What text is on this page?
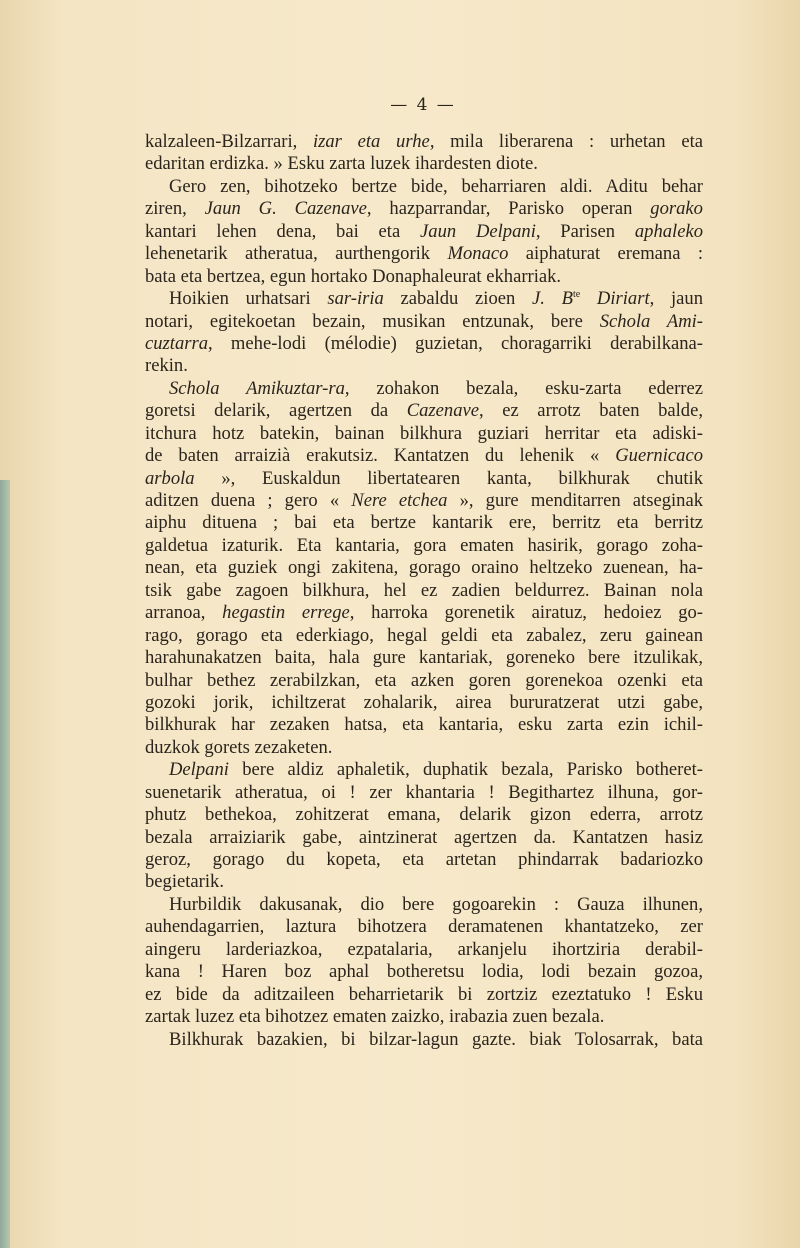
— 4 —
kalzaleen-Bilzarrari, izar eta urhe, mila liberarena : urhetan eta
edaritan erdizka. » Esku zarta luzek ihardesten diote.
Gero zen, bihotzeko bertze bide, beharriaren aldi. Aditu behar
ziren, Jaun G. Cazenave, hazparrandar, Parisko operan gorako
kantari lehen dena, bai eta Jaun Delpani, Parisen aphaleko
lehenetarik atheratua, aurthengorik Monaco aiphaturat eremana :
bata eta bertzea, egun hortako Donaphaleurat ekharriak.
Hoikien urhatsari sar-iria zabaldu zioen J. $B^{te}$ Diriart, jaun
notari, egitekoetan bezain, musikan entzunak, bere Schola Ami-
cuztarra, mehe-lodi (mélodie) guzietan, choragarriki derabilkana-
rekin.
Schola Amikuztar-ra, zohakon bezala, esku-zarta ederrez
goretsi delarik, agertzen da Cazenave, ez arrotz baten balde,
itchura hotz batekin, bainan bilkhura guziari herritar eta adiski-
de baten arraizià erakutsiz. Kantatzen du lehenik « Guernicaco
arbola », Euskaldun libertatearen kanta, bilkhurak chutik
aditzen duena ; gero « Nere etchea », gure menditarren atseginak
aiphu dituena ; bai eta bertze kantarik ere, berritz eta berritz
galdetua izaturik. Eta kantaria, gora ematen hasirik, gorago zoha-
nean, eta guziek ongi zakitena, gorago oraino heltzeko zuenean, ha-
tsik gabe zagoen bilkhura, hel ez zadien beldurrez. Bainan nola
arranoa, hegastin errege, harroka gorenetik airatuz, hedoiez go-
rago, gorago eta ederkiago, hegal geldi eta zabalez, zeru gainean
harahunakatzen baita, hala gure kantariak, goreneko bere itzulikak,
bulhar bethez zerabilzkan, eta azken goren gorenekoa ozenki eta
gozoki jorik, ichiltzerat zohalarik, airea bururatzerat utzi gabe,
bilkhurak har zezaken hatsa, eta kantaria, esku zarta ezin ichil-
duzkok gorets zezaketen.
Delpani bere aldiz aphaletik, duphatik bezala, Parisko botheret-
suenetarik atheratua, oi ! zer khantaria ! Begithartez ilhuna, gor-
phutz bethekoa, zohitzerat emana, delarik gizon ederra, arrotz
bezala arraiziarik gabe, aintzinerat agertzen da. Kantatzen hasiz
geroz, gorago du kopeta, eta artetan phindarrak badariozko
begietarik.
Hurbildik dakusanak, dio bere gogoarekin : Gauza ilhunen,
auhendagarrien, laztura bihotzera deramatenen khantatzeko, zer
aingeru larderiazkoa, ezpatalaria, arkanjelu ihortziria derabil-
kana ! Haren boz aphal botheretsu lodia, lodi bezain gozoa,
ez bide da aditzaileen beharrietarik bi zortziz ezeztatuko ! Esku
zartak luzez eta bihotzez ematen zaizko, irabazia zuen bezala.
Bilkhurak bazakien, bi bilzar-lagun gazte. biak Tolosarrak, bata
